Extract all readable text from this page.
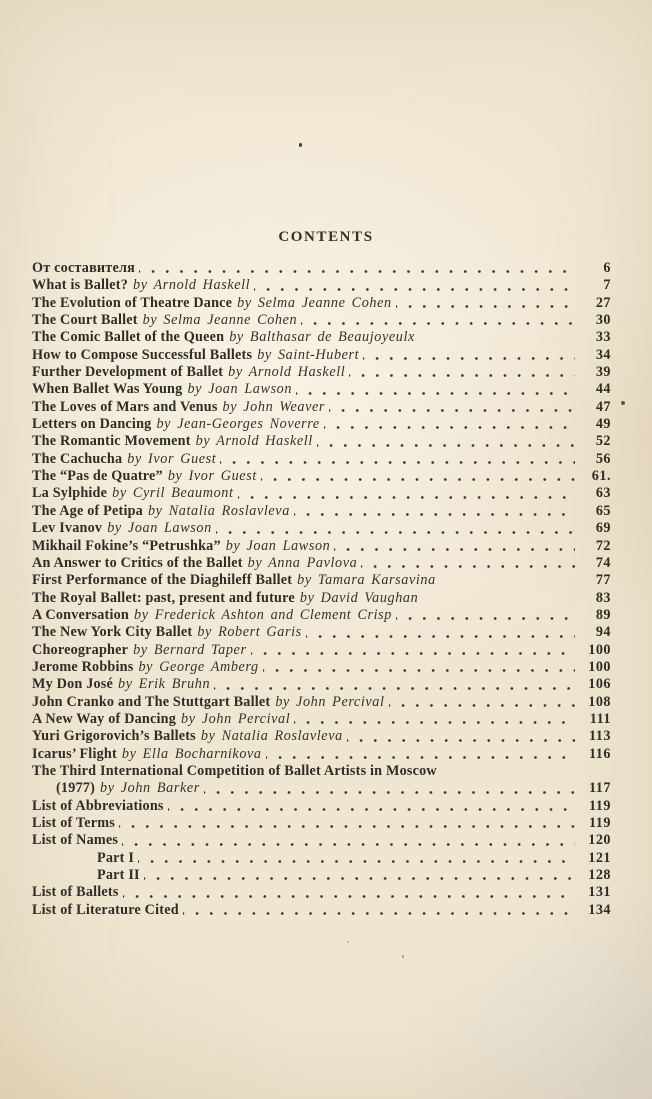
CONTENTS
От составителя	6
What is Ballet? by Arnold Haskell	7
The Evolution of Theatre Dance by Selma Jeanne Cohen	27
The Court Ballet by Selma Jeanne Cohen	30
The Comic Ballet of the Queen by Balthasar de Beaujoyeulx	33
How to Compose Successful Ballets by Saint-Hubert	34
Further Development of Ballet by Arnold Haskell	39
When Ballet Was Young by Joan Lawson	44
The Loves of Mars and Venus by John Weaver	47
Letters on Dancing by Jean-Georges Noverre	49
The Romantic Movement by Arnold Haskell	52
The Cachucha by Ivor Guest	56
The “Pas de Quatre” by Ivor Guest	61.
La Sylphide by Cyril Beaumont	63
The Age of Petipa by Natalia Roslavleva	65
Lev Ivanov by Joan Lawson	69
Mikhail Fokine’s “Petrushka” by Joan Lawson	72
An Answer to Critics of the Ballet by Anna Pavlova	74
First Performance of the Diaghileff Ballet by Tamara Karsavina	77
The Royal Ballet: past, present and future by David Vaughan	83
A Conversation by Frederick Ashton and Clement Crisp	89
The New York City Ballet by Robert Garis	94
Choreographer by Bernard Taper	100
Jerome Robbins by George Amberg	100
My Don José by Erik Bruhn	106
John Cranko and The Stuttgart Ballet by John Percival	108
A New Way of Dancing by John Percival	111
Yuri Grigorovich’s Ballets by Natalia Roslavleva	113
Icarus’ Flight by Ella Bocharnikova	116
The Third International Competition of Ballet Artists in Moscow
(1977) by John Barker	117
List of Abbreviations	119
List of Terms	119
List of Names	120
Part I	121
Part II	128
List of Ballets	131
List of Literature Cited	134
